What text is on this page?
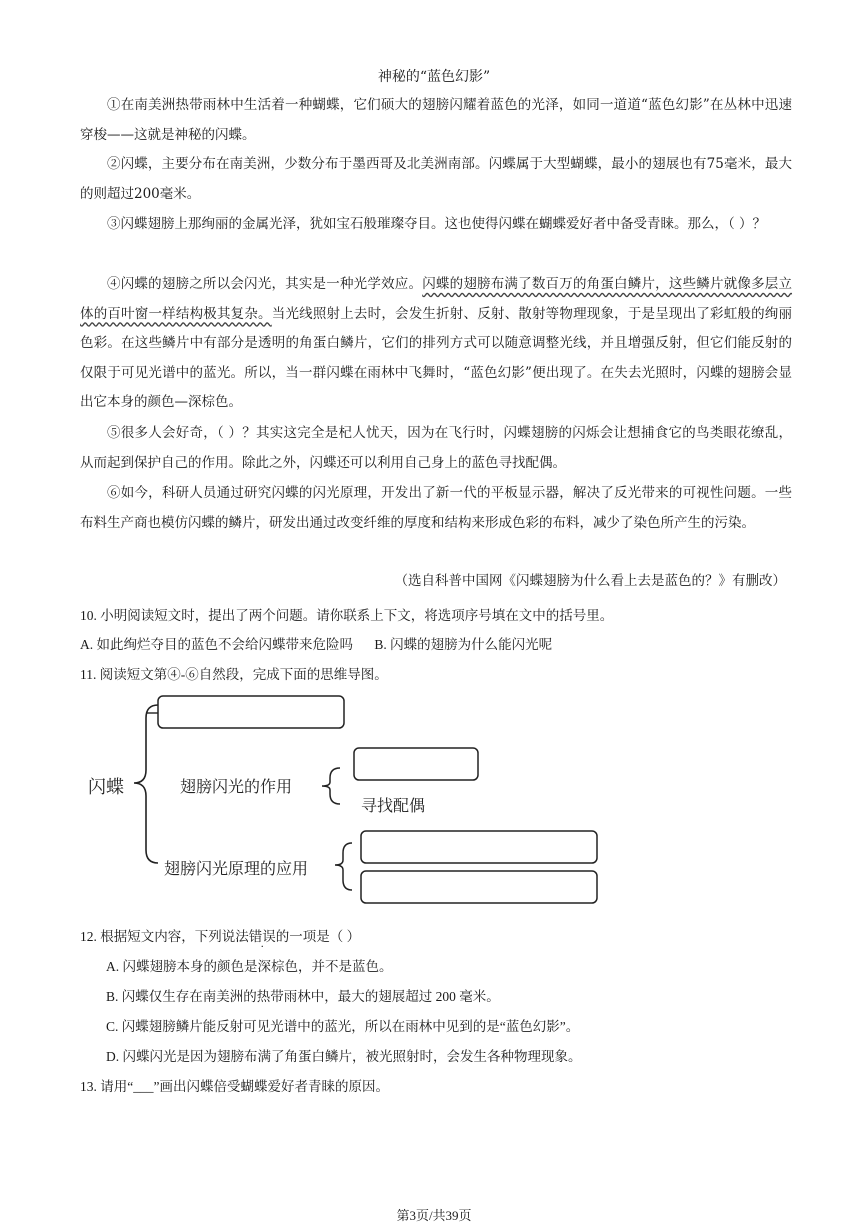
神秘的“蓝色幻影”

①在南美洲热带雨林中生活着一种蝴蝶，它们硕大的翅膀闪耀着蓝色的光泽，如同一道道“蓝色幻影”在丛林中迅速穿梭——这就是神秘的闪蝶。

②闪蝶，主要分布在南美洲，少数分布于墨西哥及北美洲南部。闪蝶属于大型蝴蝶，最小的翅展也有75毫米，最大的则超过200毫米。

③闪蝶翅膀上那绚丽的金属光泽，犹如宝石般璀璨夺目。这也使得闪蝶在蝴蝶爱好者中备受青睐。那么，（ ）？

④闪蝶的翅膀之所以会闪光，其实是一种光学效应。闪蝶的翅膀布满了数百万的角蛋白鳞片，这些鳞片就像多层立体的百叶窗一样结构极其复杂。当光线照射上去时，会发生折射、反射、散射等物理现象，于是呈现出了彩虹般的绚丽色彩。在这些鳞片中有部分是透明的角蛋白鳞片，它们的排列方式可以随意调整光线，并且增强反射，但它们能反射的仅限于可见光谱中的蓝光。所以，当一群闪蝶在雨林中飞舞时，“蓝色幻影”便出现了。在失去光照时，闪蝶的翅膀会显出它本身的颜色—深棕色。

⑤很多人会好奇，（ ）？其实这完全是杞人忧天，因为在飞行时，闪蝶翅膀的闪烁会让想捕食它的鸟类眼花缭乱，从而起到保护自己的作用。除此之外，闪蝶还可以利用自己身上的蓝色寻找配偶。

⑥如今，科研人员通过研究闪蝶的闪光原理，开发出了新一代的平板显示器，解决了反光带来的可视性问题。一些布料生产商也模仿闪蝶的鳞片，研发出通过改变纤维的厚度和结构来形成色彩的布料，减少了染色所产生的污染。

（选自科普中国网《闪蝶翅膀为什么看上去是蓝色的？》有删改）
10. 小明阅读短文时，提出了两个问题。请你联系上下文，将选项序号填在文中的括号里。
A. 如此绚烂夺目的蓝色不会给闪蝶带来危险吗 B. 闪蝶的翅膀为什么能闪光呢
11. 阅读短文第④-⑥自然段，完成下面的思维导图。
闪蝶	翅膀闪光的作用
寻找配偶
翅膀闪光原理的应用
12. 根据短文内容，下列说法错误的一项是（ ）
A. 闪蝶翅膀本身的颜色是深棕色，并不是蓝色。
B. 闪蝶仅生存在南美洲的热带雨林中，最大的翅展超过 200 毫米。
C. 闪蝶翅膀鳞片能反射可见光谱中的蓝光，所以在雨林中见到的是“蓝色幻影”。
D. 闪蝶闪光是因为翅膀布满了角蛋白鳞片，被光照射时，会发生各种物理现象。
13. 请用“___”画出闪蝶倍受蝴蝶爱好者青睐的原因。
第3页/共39页
